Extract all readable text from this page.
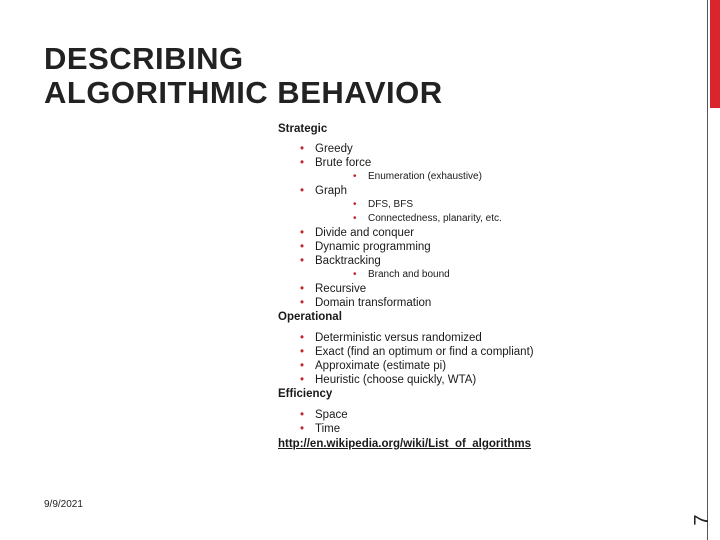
DESCRIBING
ALGORITHMIC BEHAVIOR

Strategic

• Greedy
• Brute force
• Enumeration (exhaustive)
• Graph
• DFS, BFS
• Connectedness, planarity, etc.
• Divide and conquer
• Dynamic programming
• Backtracking
• Branch and bound
• Recursive
• Domain transformation

Operational

• Deterministic versus randomized
• Exact (find an optimum or find a compliant)
• Approximate (estimate pi)
• Heuristic (choose quickly, WTA)

Efficiency

• Space
• Time
http://en.wikipedia.org/wiki/List_of_algorithms
9/9/2021
7
